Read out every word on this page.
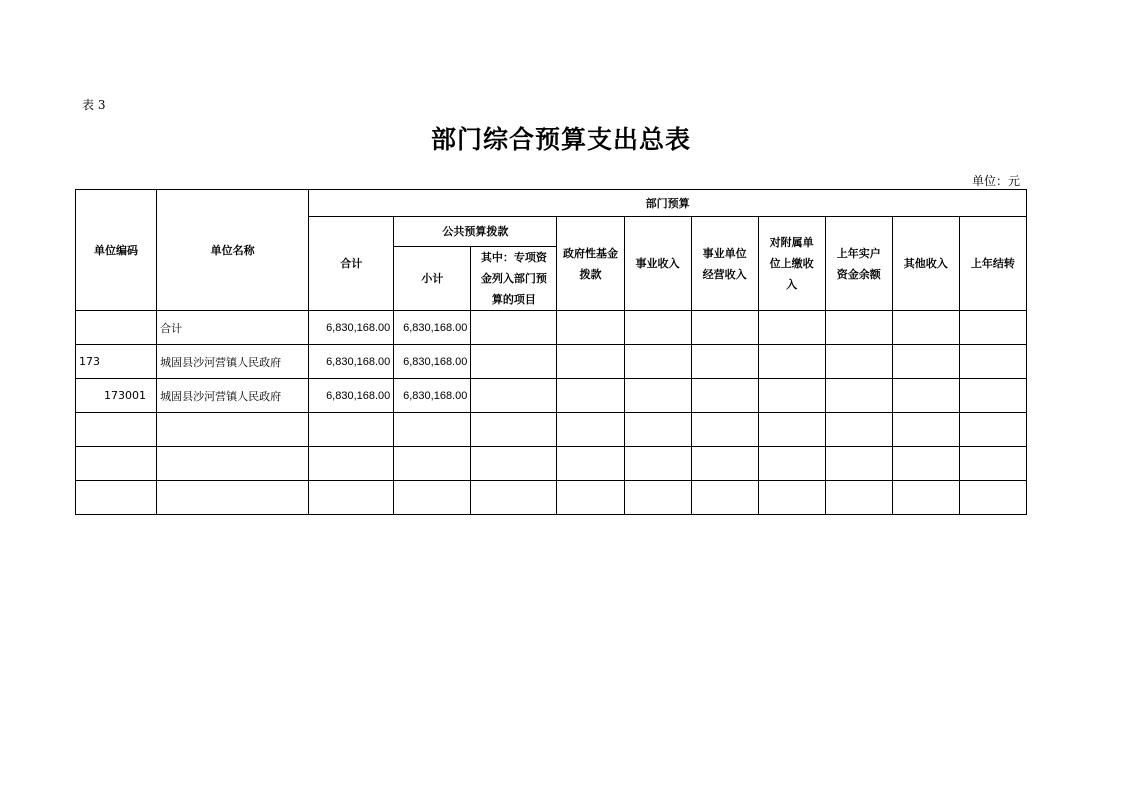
表 3
部门综合预算支出总表
单位：元
单位编码	单位名称	部门预算									
		合计	公共预算拨款		政府性基金拨款	事业收入	事业单位经营收入	对附属单位上缴收入	上年实户资金余额	其他收入	上年结转
			小计	其中：专项资金列入部门预算的项目							
	合计	6,830,168.00	6,830,168.00								
173	城固县沙河营镇人民政府	6,830,168.00	6,830,168.00								
173001	城固县沙河营镇人民政府	6,830,168.00	6,830,168.00								
